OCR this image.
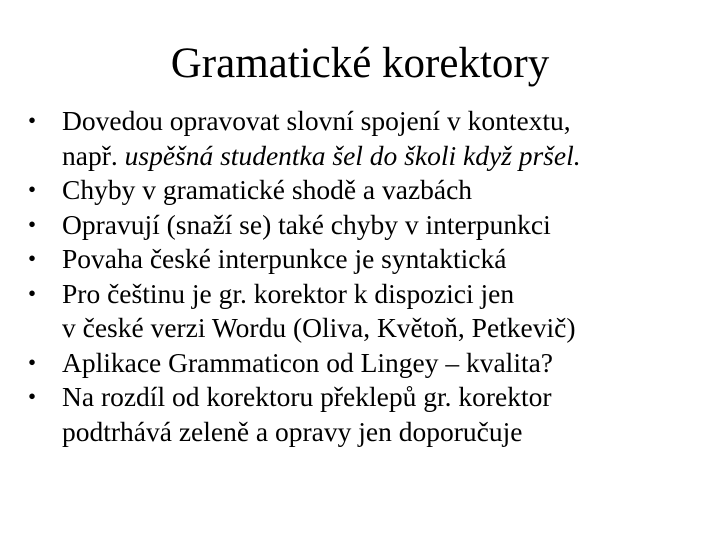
Gramatické korektory
• Dovedou opravovat slovní spojení v kontextu,
např. uspěšná studentka šel do školi když pršel.
• Chyby v gramatické shodě a vazbách
• Opravují (snaží se) také chyby v interpunkci
• Povaha české interpunkce je syntaktická
• Pro češtinu je gr. korektor k dispozici jen
v české verzi Wordu (Oliva, Květoň, Petkevič)
• Aplikace Grammaticon od Lingey – kvalita?
• Na rozdíl od korektoru překlepů gr. korektor
podtrhává zeleně a opravy jen doporučuje
